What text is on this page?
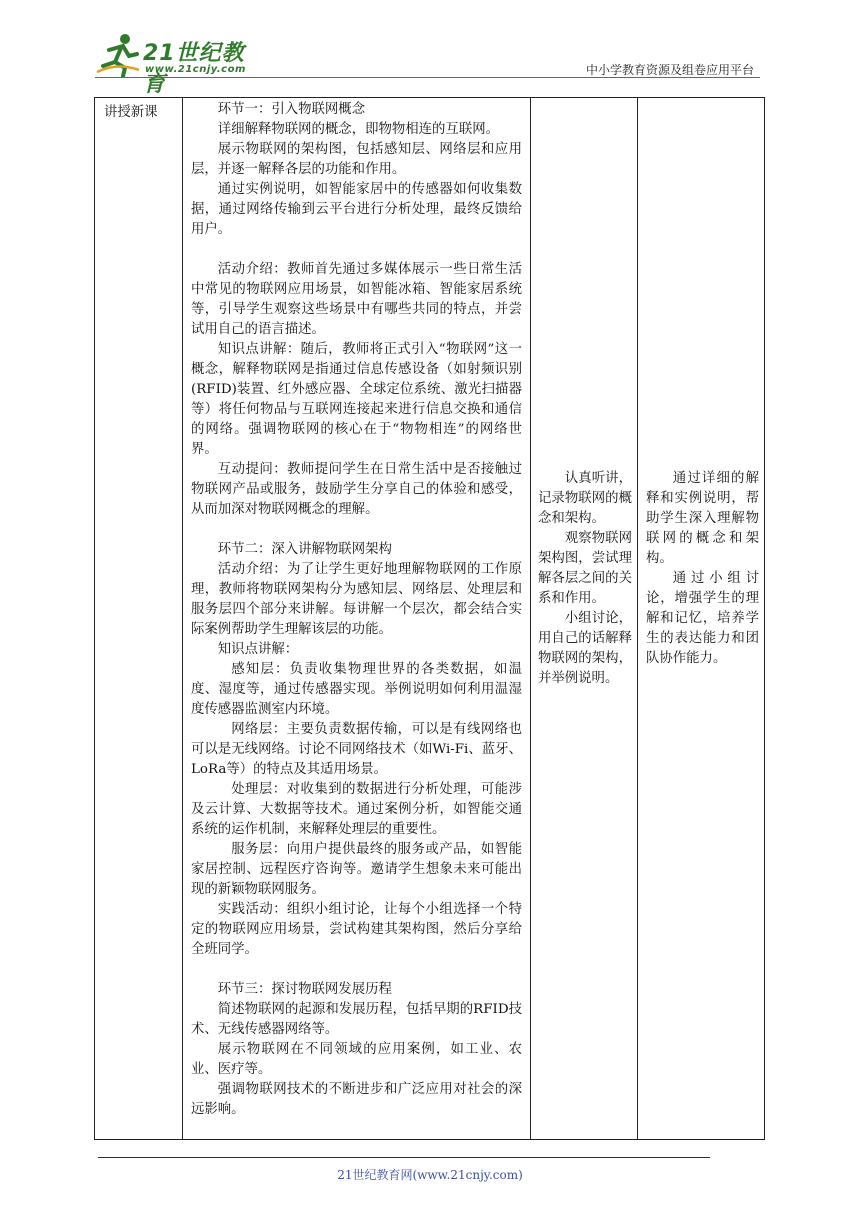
21世纪教育
www.21cnjy.com	中小学教育资源及组卷应用平台
讲授新课	环节一：引入物联网概念

详细解释物联网的概念，即物物相连的互联网。

展示物联网的架构图，包括感知层、网络层和应用层，并逐一解释各层的功能和作用。

通过实例说明，如智能家居中的传感器如何收集数据，通过网络传输到云平台进行分析处理，最终反馈给用户。

活动介绍：教师首先通过多媒体展示一些日常生活中常见的物联网应用场景，如智能冰箱、智能家居系统等，引导学生观察这些场景中有哪些共同的特点，并尝试用自己的语言描述。

知识点讲解：随后，教师将正式引入“物联网”这一概念，解释物联网是指通过信息传感设备（如射频识别(RFID)装置、红外感应器、全球定位系统、激光扫描器等）将任何物品与互联网连接起来进行信息交换和通信的网络。强调物联网的核心在于“物物相连”的网络世界。

互动提问：教师提问学生在日常生活中是否接触过物联网产品或服务，鼓励学生分享自己的体验和感受，从而加深对物联网概念的理解。

环节二：深入讲解物联网架构

活动介绍：为了让学生更好地理解物联网的工作原理，教师将物联网架构分为感知层、网络层、处理层和服务层四个部分来讲解。每讲解一个层次，都会结合实际案例帮助学生理解该层的功能。

知识点讲解：

感知层：负责收集物理世界的各类数据，如温度、湿度等，通过传感器实现。举例说明如何利用温湿度传感器监测室内环境。

网络层：主要负责数据传输，可以是有线网络也可以是无线网络。讨论不同网络技术（如Wi-Fi、蓝牙、LoRa等）的特点及其适用场景。

处理层：对收集到的数据进行分析处理，可能涉及云计算、大数据等技术。通过案例分析，如智能交通系统的运作机制，来解释处理层的重要性。

服务层：向用户提供最终的服务或产品，如智能家居控制、远程医疗咨询等。邀请学生想象未来可能出现的新颖物联网服务。

实践活动：组织小组讨论，让每个小组选择一个特定的物联网应用场景，尝试构建其架构图，然后分享给全班同学。

环节三：探讨物联网发展历程

简述物联网的起源和发展历程，包括早期的RFID技术、无线传感器网络等。

展示物联网在不同领域的应用案例，如工业、农业、医疗等。

强调物联网技术的不断进步和广泛应用对社会的深远影响。

认真听讲，记录物联网的概念和架构。

观察物联网架构图，尝试理解各层之间的关系和作用。

小组讨论，用自己的话解释物联网的架构，并举例说明。

通过详细的解释和实例说明，帮助学生深入理解物联网的概念和架构。

通过小组讨论，增强学生的理解和记忆，培养学生的表达能力和团队协作能力。

21世纪教育网(www.21cnjy.com)
